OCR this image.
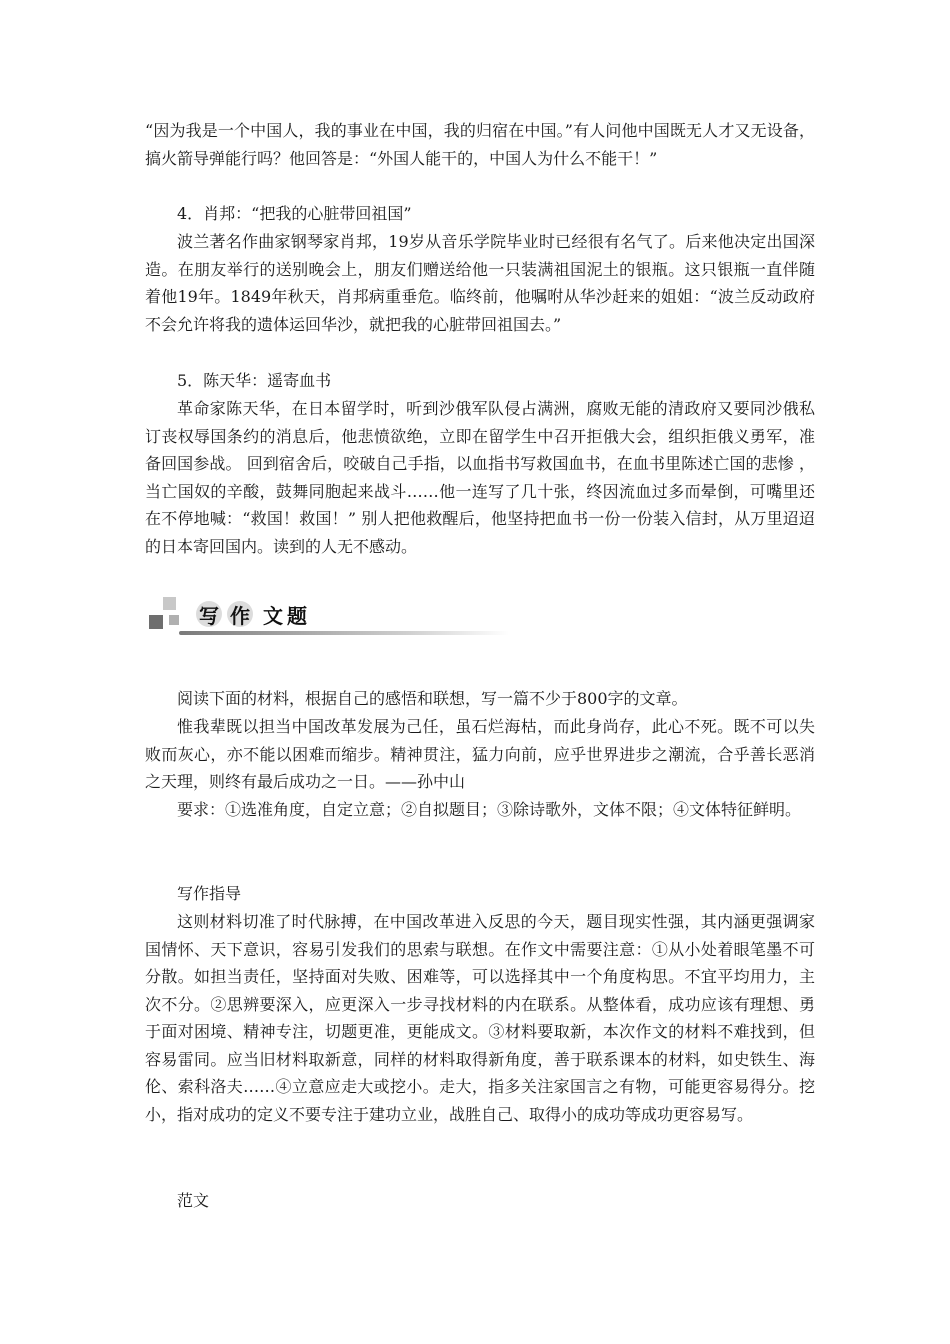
“因为我是一个中国人，我的事业在中国，我的归宿在中国。”有人问他中国既无人才又无设备，搞火箭导弹能行吗？他回答是：“外国人能干的，中国人为什么不能干！”

4．肖邦：“把我的心脏带回祖国”

波兰著名作曲家钢琴家肖邦，19岁从音乐学院毕业时已经很有名气了。后来他决定出国深造。在朋友举行的送别晚会上，朋友们赠送给他一只装满祖国泥土的银瓶。这只银瓶一直伴随着他19年。1849年秋天，肖邦病重垂危。临终前，他嘱咐从华沙赶来的姐姐：“波兰反动政府不会允许将我的遗体运回华沙，就把我的心脏带回祖国去。”

5．陈天华：遥寄血书

革命家陈天华，在日本留学时，听到沙俄军队侵占满洲，腐败无能的清政府又要同沙俄私订丧权辱国条约的消息后，他悲愤欲绝，立即在留学生中召开拒俄大会，组织拒俄义勇军，准备回国参战。 回到宿舍后，咬破自己手指，以血指书写救国血书，在血书里陈述亡国的悲惨 ，当亡国奴的辛酸，鼓舞同胞起来战斗……他一连写了几十张，终因流血过多而晕倒，可嘴里还在不停地喊：“救国！救国！” 别人把他救醒后，他坚持把血书一份一份装入信封，从万里迢迢的日本寄回国内。读到的人无不感动。

写 作 文 题

阅读下面的材料，根据自己的感悟和联想，写一篇不少于800字的文章。

惟我辈既以担当中国改革发展为己任，虽石烂海枯，而此身尚存，此心不死。既不可以失败而灰心，亦不能以困难而缩步。精神贯注，猛力向前，应乎世界进步之潮流，合乎善长恶消之天理，则终有最后成功之一日。——孙中山

要求：①选准角度，自定立意；②自拟题目；③除诗歌外，文体不限；④文体特征鲜明。

写作指导

这则材料切准了时代脉搏，在中国改革进入反思的今天，题目现实性强，其内涵更强调家国情怀、天下意识，容易引发我们的思索与联想。在作文中需要注意：①从小处着眼笔墨不可分散。如担当责任，坚持面对失败、困难等，可以选择其中一个角度构思。不宜平均用力，主次不分。②思辨要深入，应更深入一步寻找材料的内在联系。从整体看，成功应该有理想、勇于面对困境、精神专注，切题更准，更能成文。③材料要取新，本次作文的材料不难找到，但容易雷同。应当旧材料取新意，同样的材料取得新角度，善于联系课本的材料，如史铁生、海伦、索科洛夫……④立意应走大或挖小。走大，指多关注家国言之有物，可能更容易得分。挖小，指对成功的定义不要专注于建功立业，战胜自己、取得小的成功等成功更容易写。

范文
